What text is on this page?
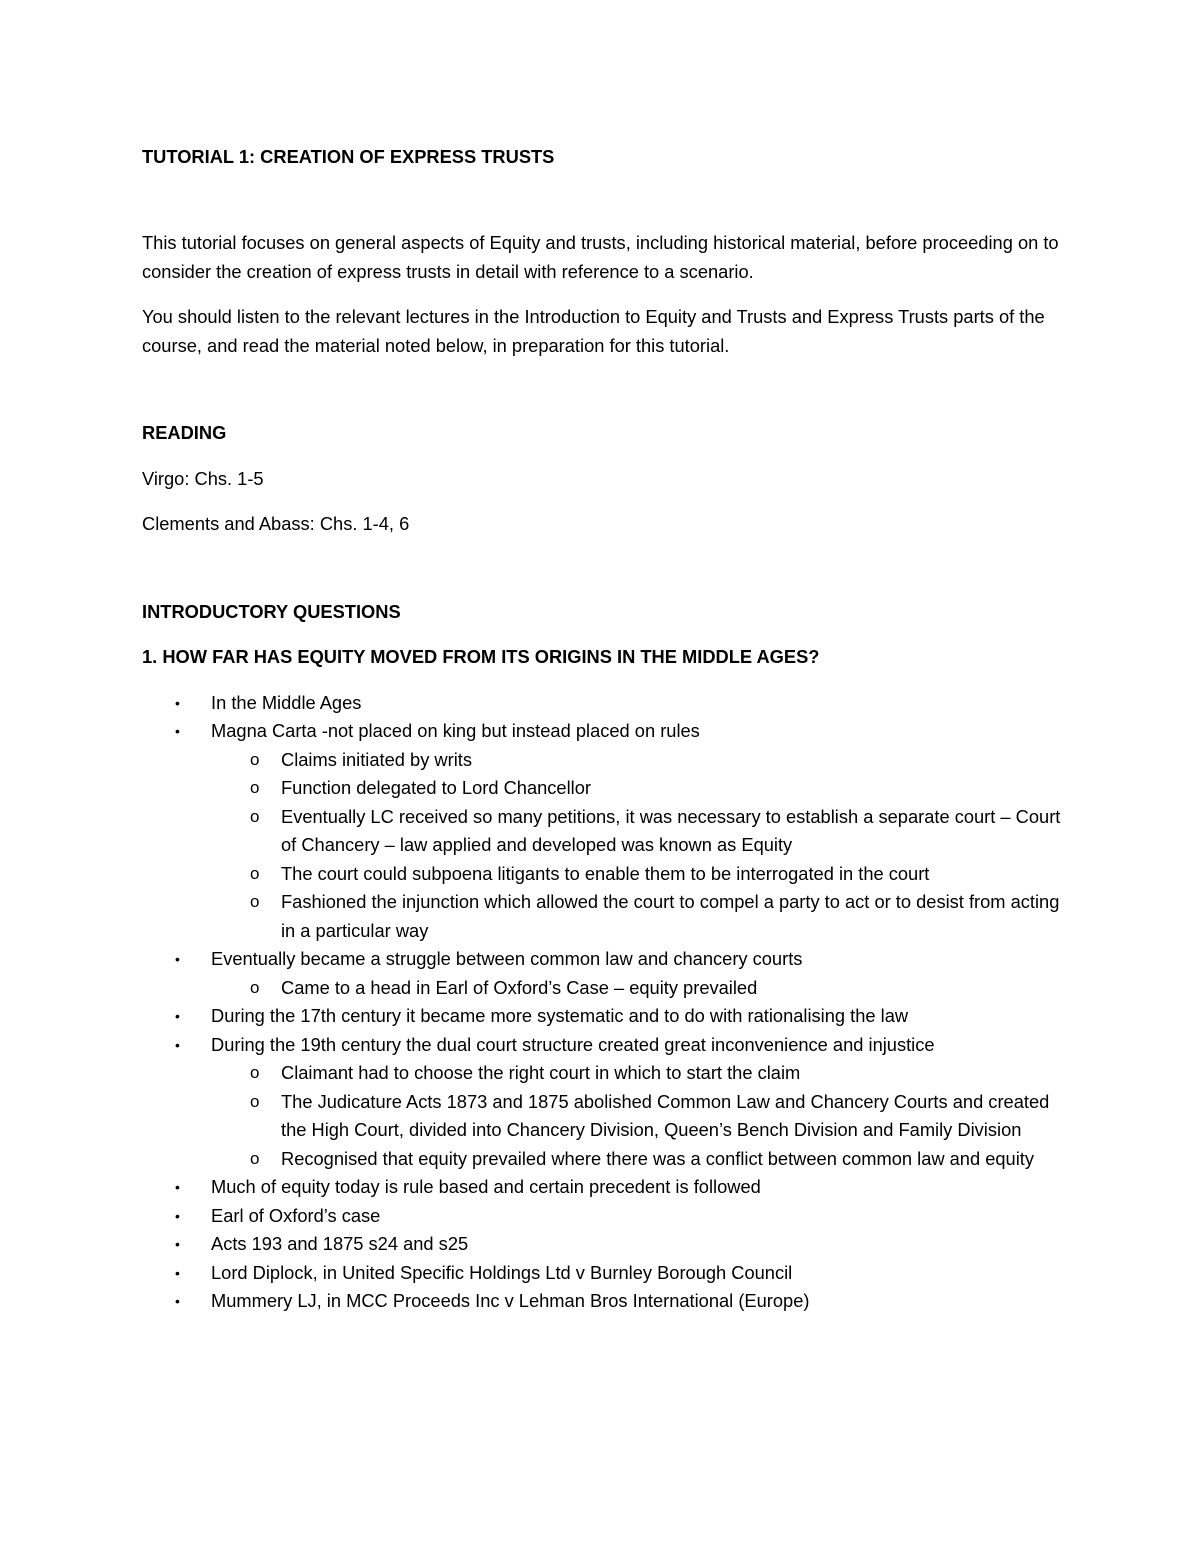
TUTORIAL 1: CREATION OF EXPRESS TRUSTS

This tutorial focuses on general aspects of Equity and trusts, including historical material, before proceeding on to consider the creation of express trusts in detail with reference to a scenario.

You should listen to the relevant lectures in the Introduction to Equity and Trusts and Express Trusts parts of the course, and read the material noted below, in preparation for this tutorial.

READING

Virgo: Chs. 1-5

Clements and Abass: Chs. 1-4, 6

INTRODUCTORY QUESTIONS

1. HOW FAR HAS EQUITY MOVED FROM ITS ORIGINS IN THE MIDDLE AGES?

• In the Middle Ages
• Magna Carta -not placed on king but instead placed on rules
o Claims initiated by writs
o Function delegated to Lord Chancellor
o Eventually LC received so many petitions, it was necessary to establish a separate court – Court of Chancery – law applied and developed was known as Equity
o The court could subpoena litigants to enable them to be interrogated in the court
o Fashioned the injunction which allowed the court to compel a party to act or to desist from acting in a particular way
• Eventually became a struggle between common law and chancery courts
o Came to a head in Earl of Oxford’s Case – equity prevailed
• During the 17th century it became more systematic and to do with rationalising the law
• During the 19th century the dual court structure created great inconvenience and injustice
o Claimant had to choose the right court in which to start the claim
o The Judicature Acts 1873 and 1875 abolished Common Law and Chancery Courts and created the High Court, divided into Chancery Division, Queen’s Bench Division and Family Division
o Recognised that equity prevailed where there was a conflict between common law and equity
• Much of equity today is rule based and certain precedent is followed
• Earl of Oxford’s case
• Acts 193 and 1875 s24 and s25
• Lord Diplock, in United Specific Holdings Ltd v Burnley Borough Council
• Mummery LJ, in MCC Proceeds Inc v Lehman Bros International (Europe)
